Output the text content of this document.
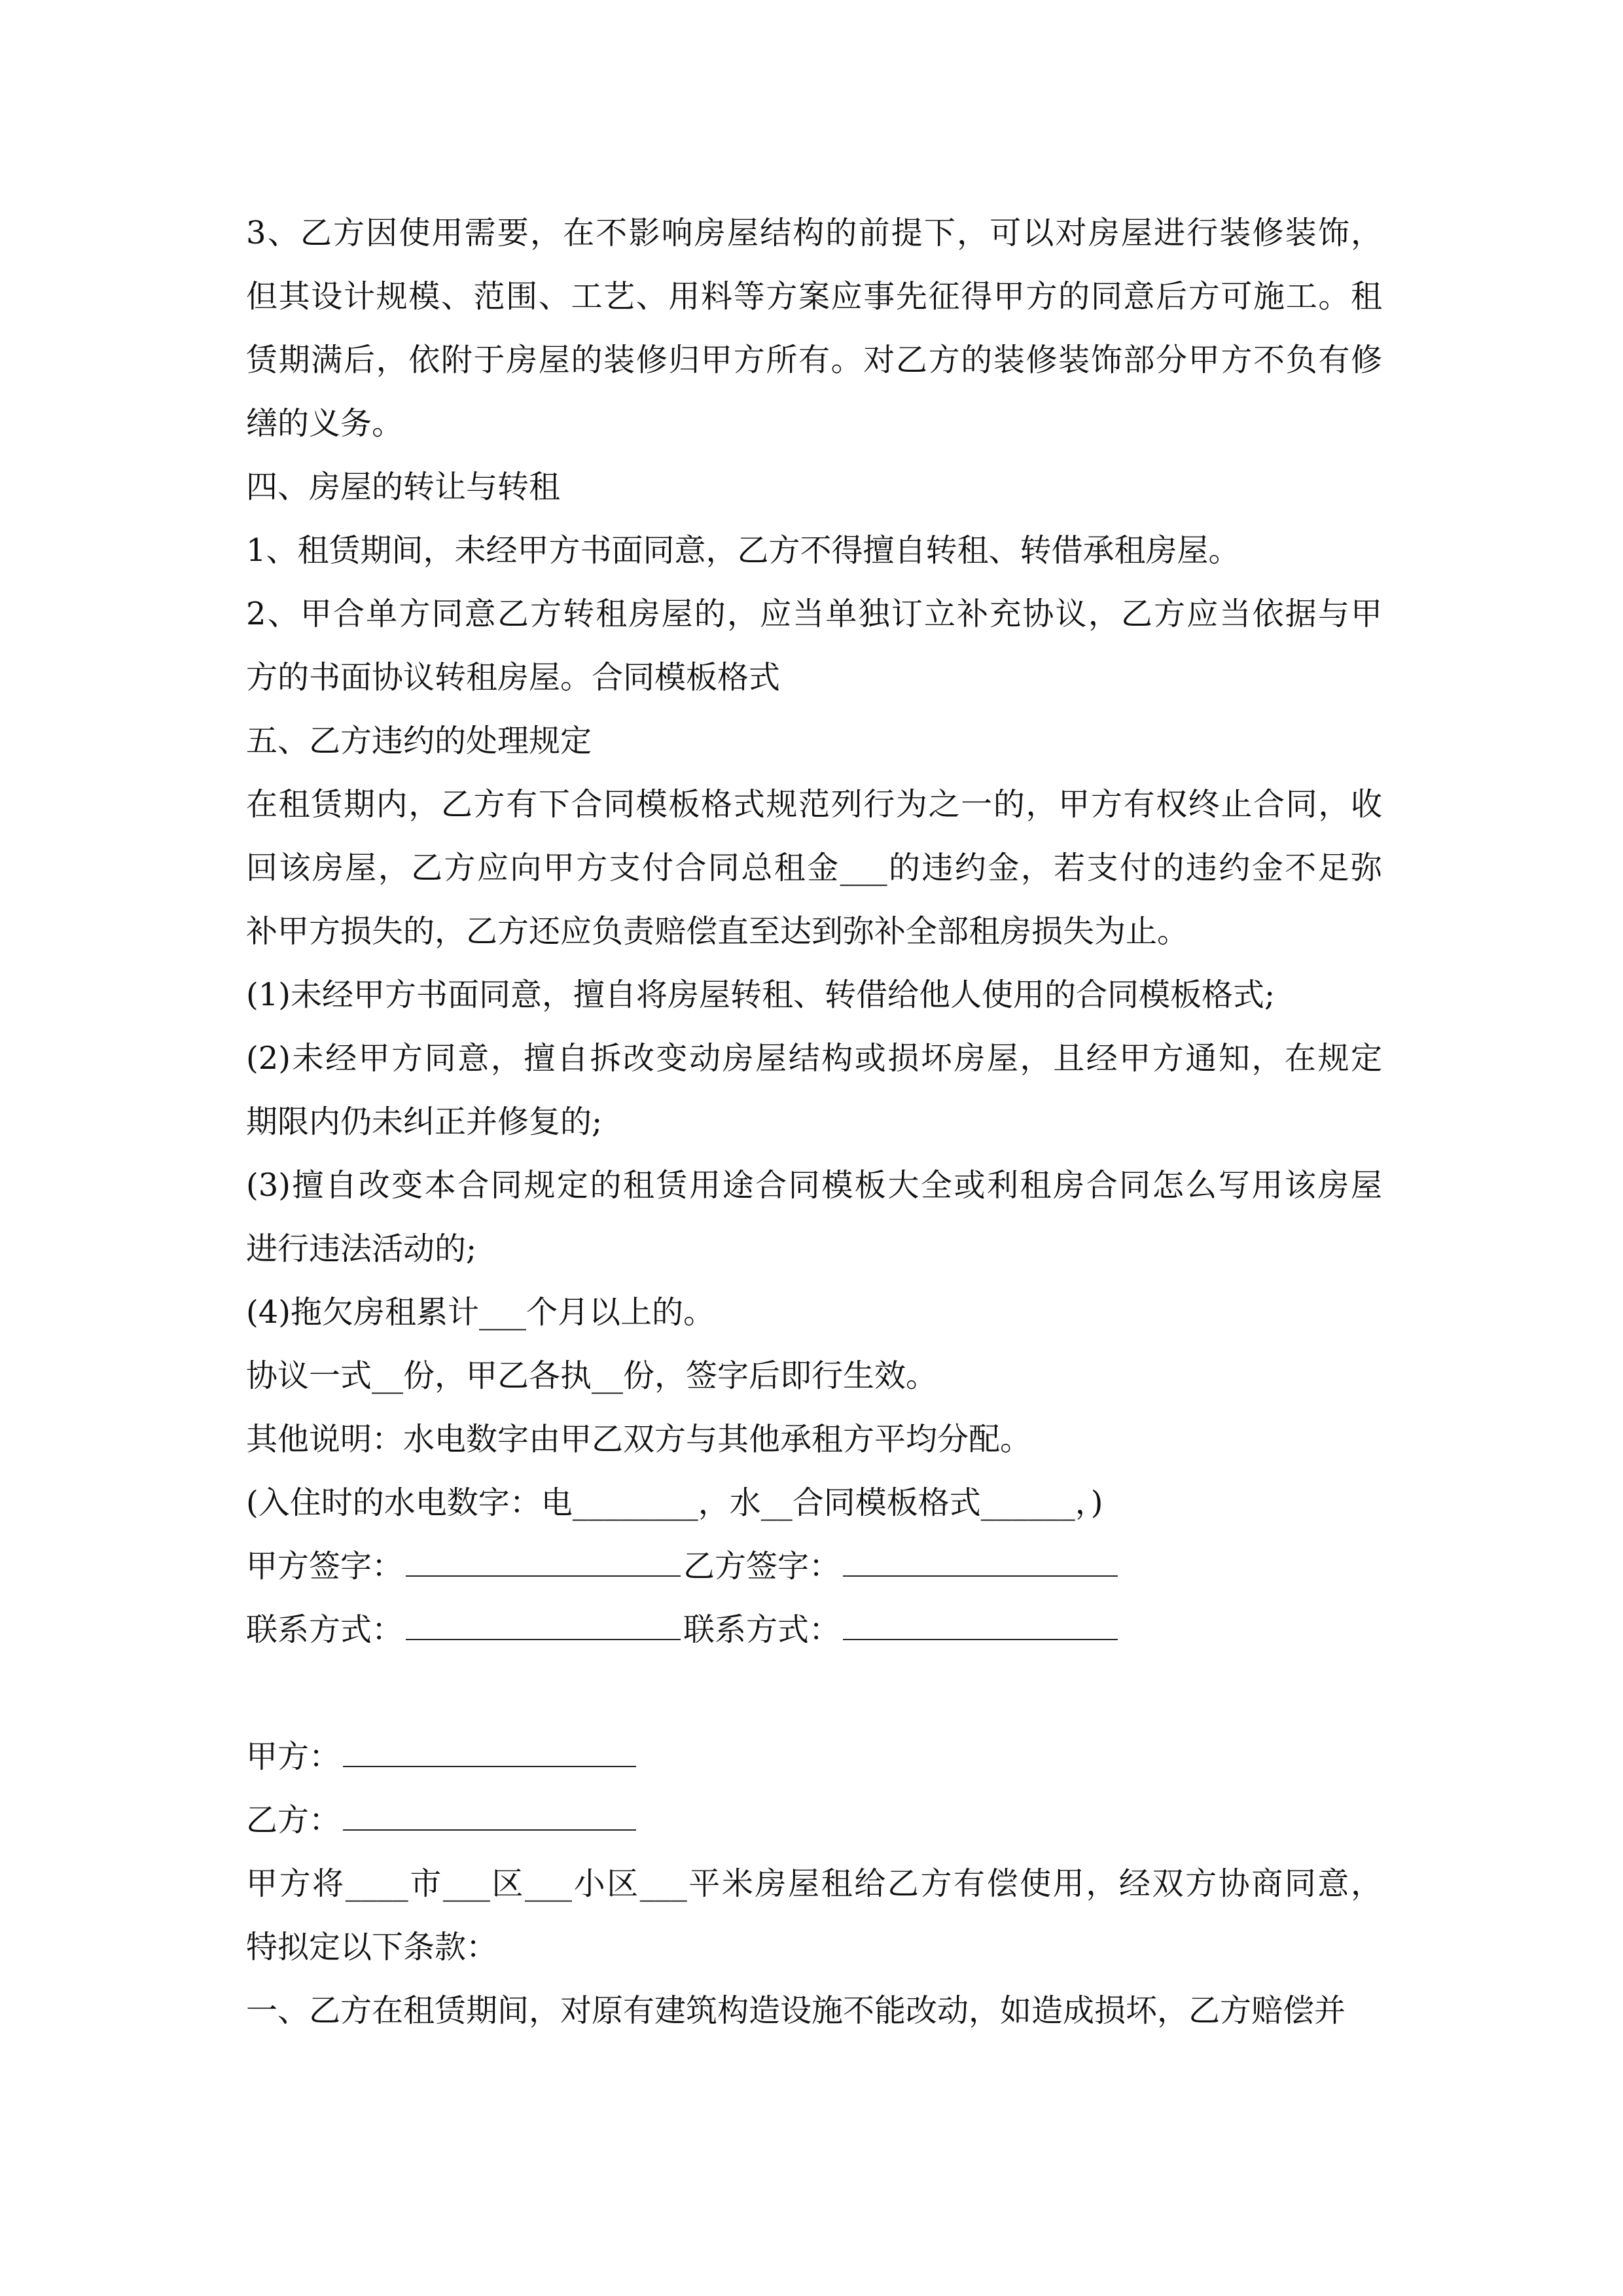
3、乙方因使用需要，在不影响房屋结构的前提下，可以对房屋进行装修装饰，
但其设计规模、范围、工艺、用料等方案应事先征得甲方的同意后方可施工。租
赁期满后，依附于房屋的装修归甲方所有。对乙方的装修装饰部分甲方不负有修
缮的义务。
四、房屋的转让与转租
1、租赁期间，未经甲方书面同意，乙方不得擅自转租、转借承租房屋。
2、甲合单方同意乙方转租房屋的，应当单独订立补充协议，乙方应当依据与甲
方的书面协议转租房屋。合同模板格式
五、乙方违约的处理规定
在租赁期内，乙方有下合同模板格式规范列行为之一的，甲方有权终止合同，收
回该房屋，乙方应向甲方支付合同总租金___的违约金，若支付的违约金不足弥
补甲方损失的，乙方还应负责赔偿直至达到弥补全部租房损失为止。
(1)未经甲方书面同意，擅自将房屋转租、转借给他人使用的合同模板格式;
(2)未经甲方同意，擅自拆改变动房屋结构或损坏房屋，且经甲方通知，在规定
期限内仍未纠正并修复的;
(3)擅自改变本合同规定的租赁用途合同模板大全或利租房合同怎么写用该房屋
进行违法活动的;
(4)拖欠房租累计___个月以上的。
协议一式__份，甲乙各执__份，签字后即行生效。
其他说明：水电数字由甲乙双方与其他承租方平均分配。
(入住时的水电数字：电________，水__合同模板格式______，)
甲方签字：	乙方签字：
联系方式：	联系方式：
甲方：
乙方：
甲方将____市___区___小区___平米房屋租给乙方有偿使用，经双方协商同意，
特拟定以下条款：
一、乙方在租赁期间，对原有建筑构造设施不能改动，如造成损坏，乙方赔偿并
